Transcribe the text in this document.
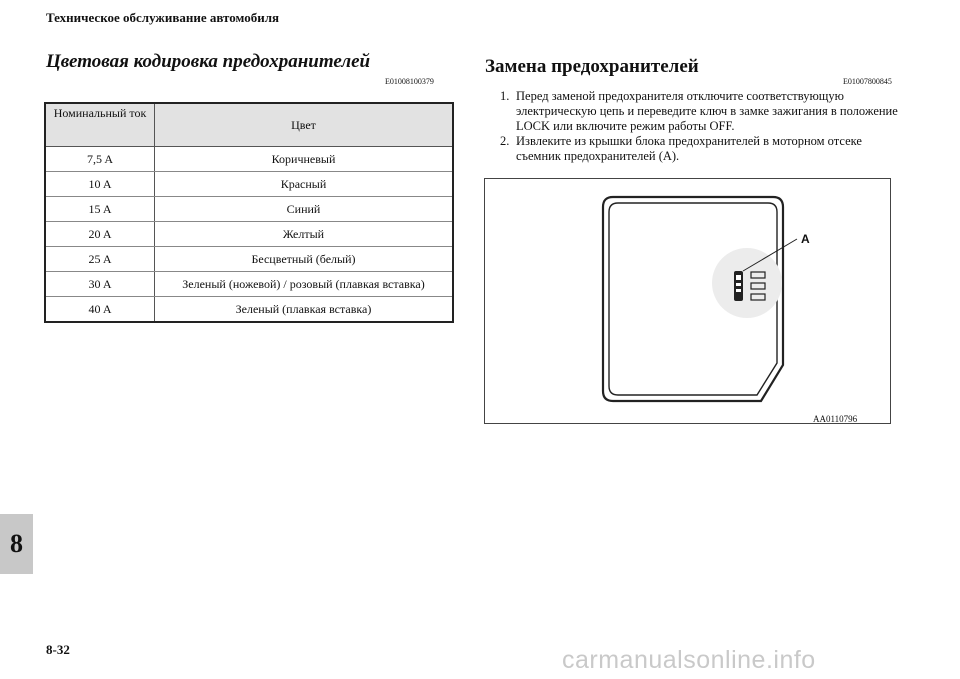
Техническое обслуживание автомобиля
Цветовая кодировка предохранителей
E01008100379
Номинальный ток	Цвет
7,5 A	Коричневый
10 A	Красный
15 A	Синий
20 A	Желтый
25 A	Бесцветный (белый)
30 A	Зеленый (ножевой) / розовый (плавкая вставка)
40 A	Зеленый (плавкая вставка)
Замена предохранителей
E01007800845
1. Перед заменой предохранителя отключите соответствующую электрическую цепь и переведите ключ в замке зажигания в положение LOCK или включите режим работы OFF.
2. Извлеките из крышки блока предохранителей в моторном отсеке съемник предохранителей (А).
A
AA0110796
8
8-32	carmanualsonline.info
